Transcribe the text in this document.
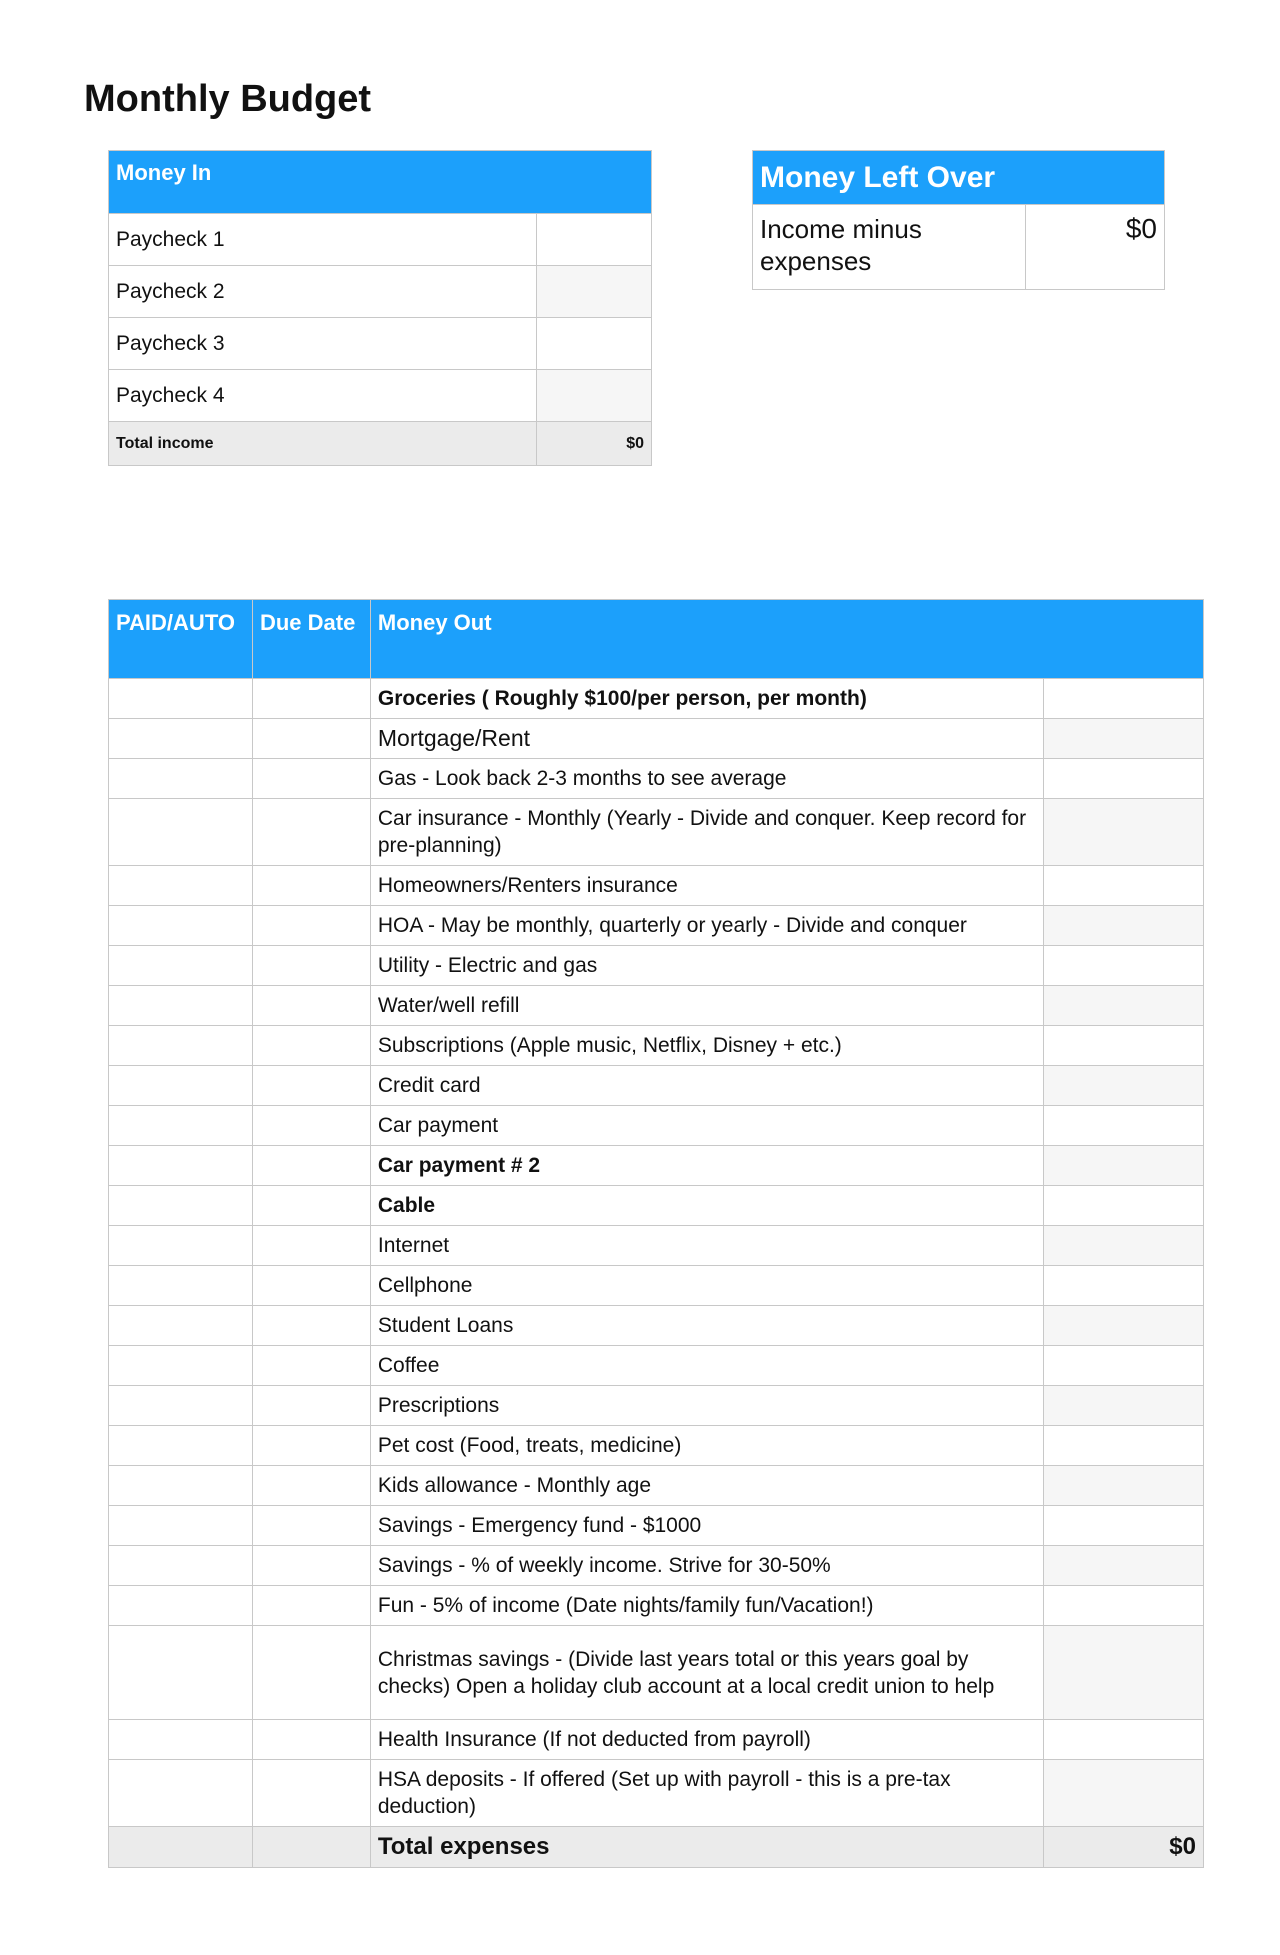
Monthly Budget
Money In	
Paycheck 1	
Paycheck 2	
Paycheck 3	
Paycheck 4	
Total income	$0
Money Left Over
Income minus expenses	$0
PAID/AUTO	Due Date	Money Out	
		Groceries ( Roughly $100/per person, per month)	
		Mortgage/Rent	
		Gas - Look back 2-3 months to see average	
		Car insurance - Monthly (Yearly - Divide and conquer. Keep record for pre-planning)	
		Homeowners/Renters insurance	
		HOA - May be monthly, quarterly or yearly - Divide and conquer	
		Utility - Electric and gas	
		Water/well refill	
		Subscriptions (Apple music, Netflix, Disney + etc.)	
		Credit card	
		Car payment	
		Car payment # 2	
		Cable	
		Internet	
		Cellphone	
		Student Loans	
		Coffee	
		Prescriptions	
		Pet cost (Food, treats, medicine)	
		Kids allowance - Monthly age	
		Savings - Emergency fund - $1000	
		Savings - % of weekly income. Strive for 30-50%	
		Fun - 5% of income (Date nights/family fun/Vacation!)	
		Christmas savings - (Divide last years total or this years goal by checks) Open a holiday club account at a local credit union to help	
		Health Insurance (If not deducted from payroll)	
		HSA deposits - If offered (Set up with payroll - this is a pre-tax deduction)	
		Total expenses	$0
